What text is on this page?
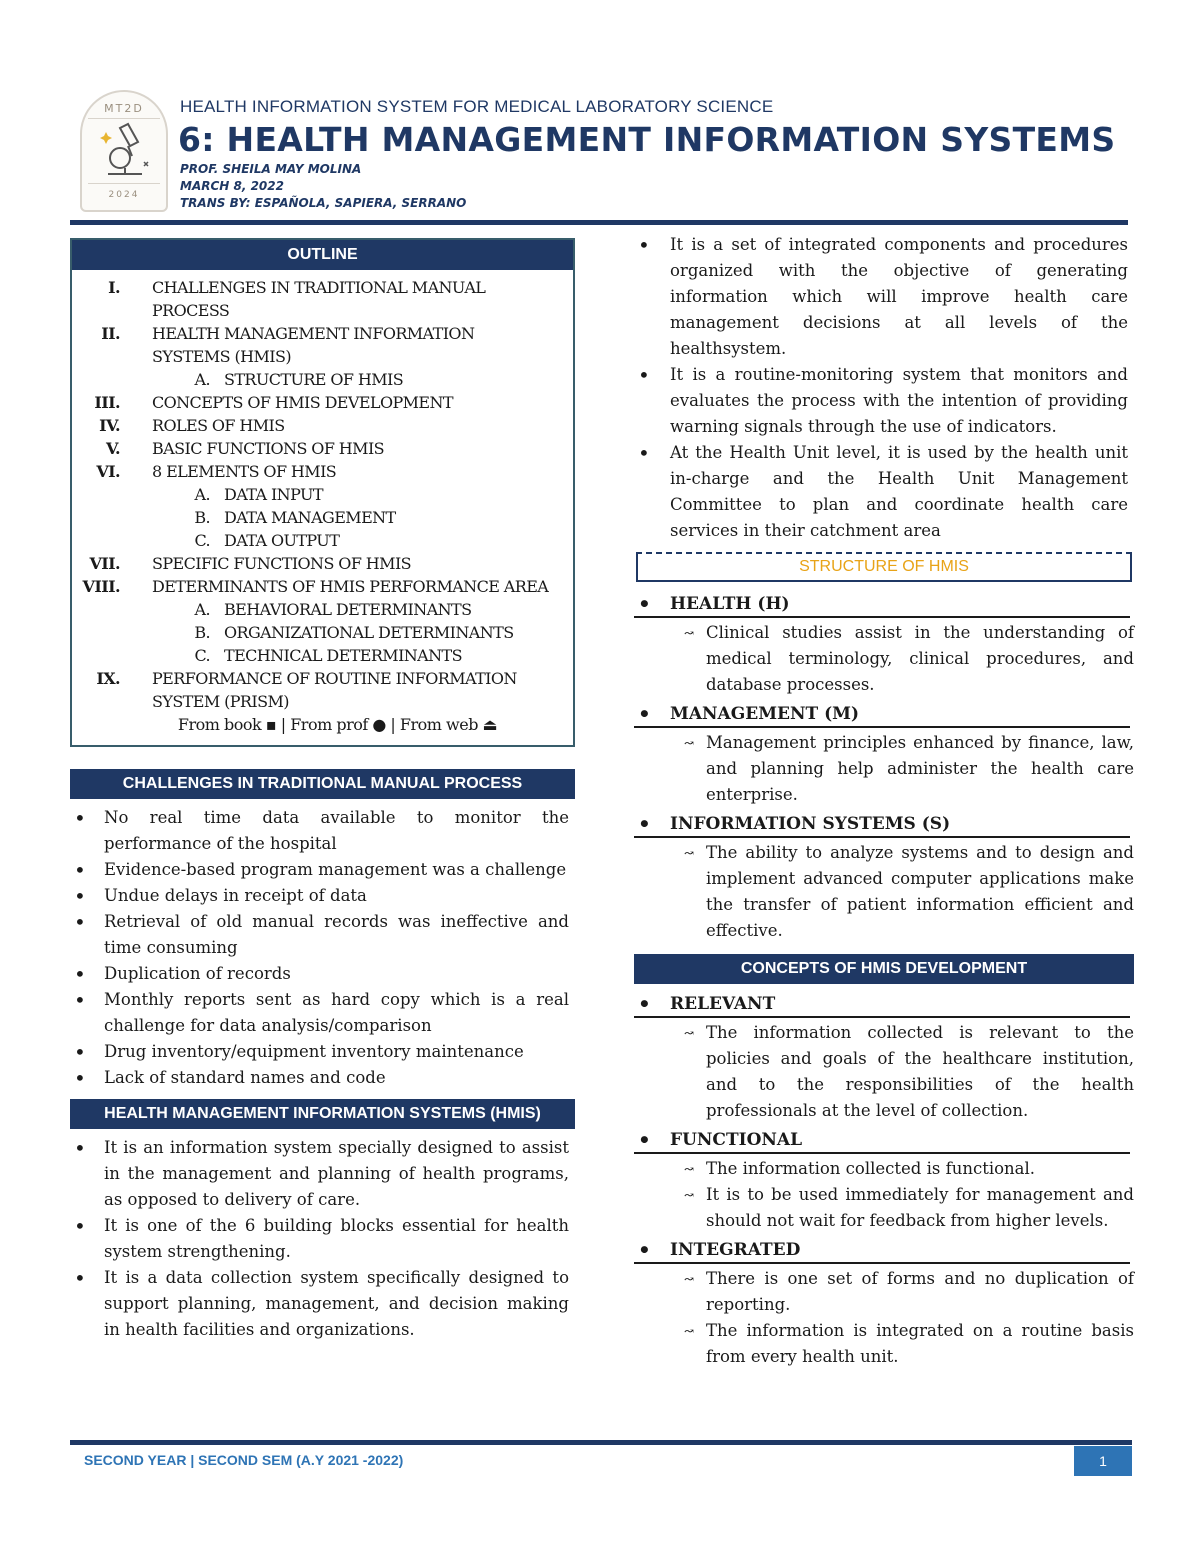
MT2D
2024
HEALTH INFORMATION SYSTEM FOR MEDICAL LABORATORY SCIENCE
6: HEALTH MANAGEMENT INFORMATION SYSTEMS
PROF. SHEILA MAY MOLINA
MARCH 8, 2022
TRANS BY: ESPAÑOLA, SAPIERA, SERRANO
OUTLINE
I.	CHALLENGES IN TRADITIONAL MANUAL PROCESS
II.	HEALTH MANAGEMENT INFORMATION SYSTEMS (HMIS)
A. STRUCTURE OF HMIS
III.	CONCEPTS OF HMIS DEVELOPMENT
IV.	ROLES OF HMIS
V.	BASIC FUNCTIONS OF HMIS
VI.	8 ELEMENTS OF HMIS
A. DATA INPUT
B. DATA MANAGEMENT
C. DATA OUTPUT
VII.	SPECIFIC FUNCTIONS OF HMIS
VIII.	DETERMINANTS OF HMIS PERFORMANCE AREA
A. BEHAVIORAL DETERMINANTS
B. ORGANIZATIONAL DETERMINANTS
C. TECHNICAL DETERMINANTS
IX.	PERFORMANCE OF ROUTINE INFORMATION SYSTEM (PRISM)
From book ▪ | From prof ● | From web ⏏
CHALLENGES IN TRADITIONAL MANUAL PROCESS
• No real time data available to monitor the performance of the hospital
• Evidence-based program management was a challenge
• Undue delays in receipt of data
• Retrieval of old manual records was ineffective and time consuming
• Duplication of records
• Monthly reports sent as hard copy which is a real challenge for data analysis/comparison
• Drug inventory/equipment inventory maintenance
• Lack of standard names and code
HEALTH MANAGEMENT INFORMATION SYSTEMS (HMIS)
• It is an information system specially designed to assist in the management and planning of health programs, as opposed to delivery of care.
• It is one of the 6 building blocks essential for health system strengthening.
• It is a data collection system specifically designed to support planning, management, and decision making in health facilities and organizations.
• It is a set of integrated components and procedures organized with the objective of generating information which will improve health care management decisions at all levels of the healthsystem.
• It is a routine-monitoring system that monitors and evaluates the process with the intention of providing warning signals through the use of indicators.
• At the Health Unit level, it is used by the health unit in-charge and the Health Unit Management Committee to plan and coordinate health care services in their catchment area
STRUCTURE OF HMIS
• HEALTH (H)
↝ Clinical studies assist in the understanding of medical terminology, clinical procedures, and database processes.
• MANAGEMENT (M)
↝ Management principles enhanced by finance, law, and planning help administer the health care enterprise.
• INFORMATION SYSTEMS (S)
↝ The ability to analyze systems and to design and implement advanced computer applications make the transfer of patient information efficient and effective.
CONCEPTS OF HMIS DEVELOPMENT
• RELEVANT
↝ The information collected is relevant to the policies and goals of the healthcare institution, and to the responsibilities of the health professionals at the level of collection.
• FUNCTIONAL
↝ The information collected is functional.
↝ It is to be used immediately for management and should not wait for feedback from higher levels.
• INTEGRATED
↝ There is one set of forms and no duplication of reporting.
↝ The information is integrated on a routine basis from every health unit.
SECOND YEAR | SECOND SEM (A.Y 2021 -2022)	1
